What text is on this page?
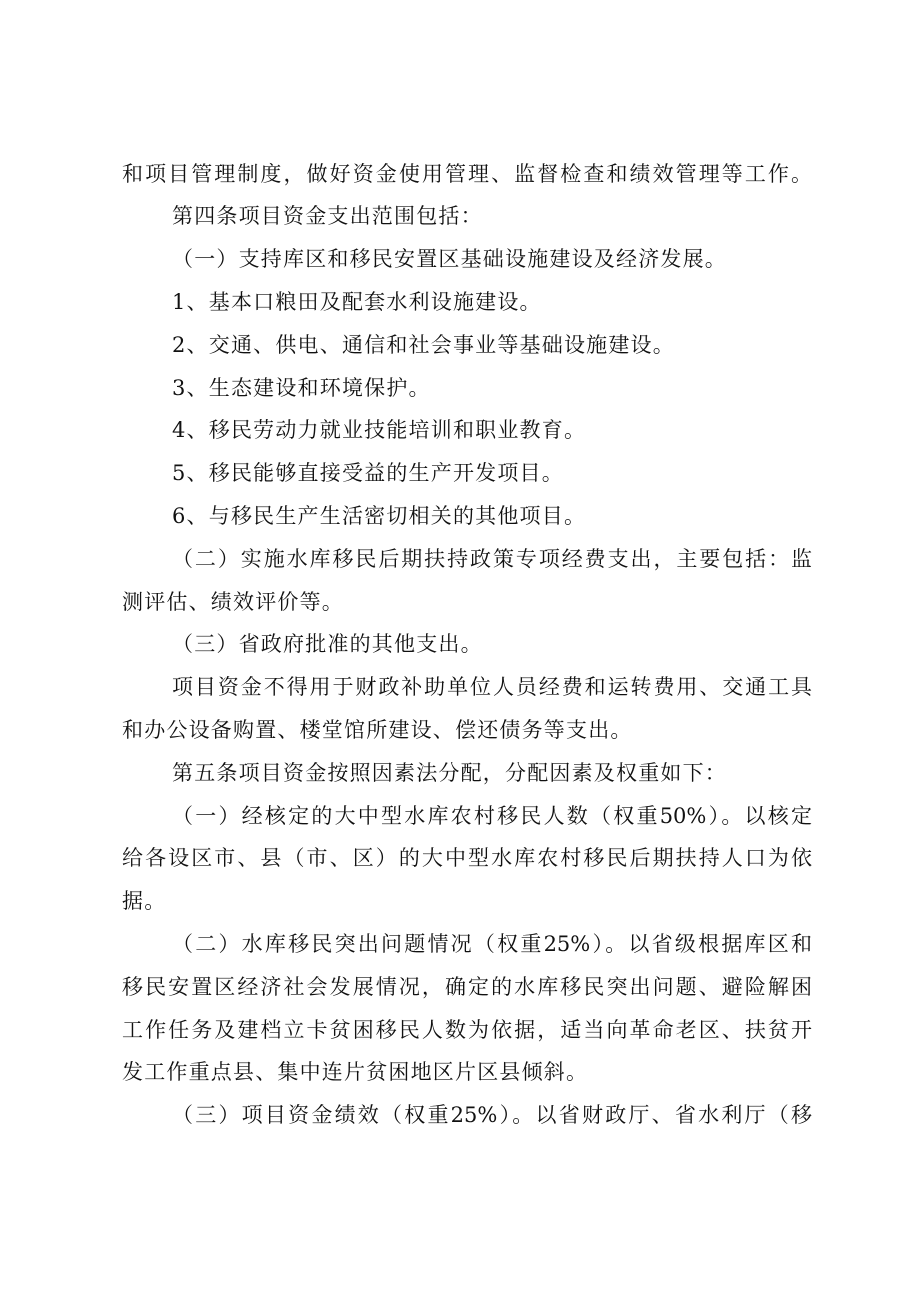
和项目管理制度，做好资金使用管理、监督检查和绩效管理等工作。
第四条项目资金支出范围包括：
（一）支持库区和移民安置区基础设施建设及经济发展。
1、基本口粮田及配套水利设施建设。
2、交通、供电、通信和社会事业等基础设施建设。
3、生态建设和环境保护。
4、移民劳动力就业技能培训和职业教育。
5、移民能够直接受益的生产开发项目。
6、与移民生产生活密切相关的其他项目。
（二）实施水库移民后期扶持政策专项经费支出，主要包括：监
测评估、绩效评价等。
（三）省政府批准的其他支出。
项目资金不得用于财政补助单位人员经费和运转费用、交通工具
和办公设备购置、楼堂馆所建设、偿还债务等支出。
第五条项目资金按照因素法分配，分配因素及权重如下：
（一）经核定的大中型水库农村移民人数（权重50%）。以核定
给各设区市、县（市、区）的大中型水库农村移民后期扶持人口为依
据。
（二）水库移民突出问题情况（权重25%）。以省级根据库区和
移民安置区经济社会发展情况，确定的水库移民突出问题、避险解困
工作任务及建档立卡贫困移民人数为依据，适当向革命老区、扶贫开
发工作重点县、集中连片贫困地区片区县倾斜。
（三）项目资金绩效（权重25%）。以省财政厅、省水利厅（移
